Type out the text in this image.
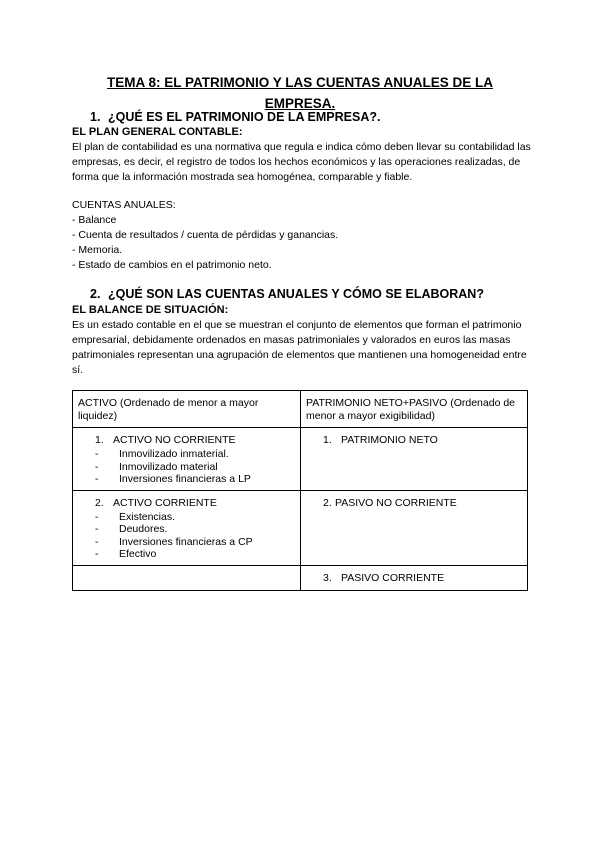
TEMA 8: EL PATRIMONIO Y LAS CUENTAS ANUALES DE LA EMPRESA.
1. ¿QUÉ ES EL PATRIMONIO DE LA EMPRESA?.
EL PLAN GENERAL CONTABLE:

El plan de contabilidad es una normativa que regula e indica cómo deben llevar su contabilidad las empresas, es decir, el registro de todos los hechos económicos y las operaciones realizadas, de forma que la información mostrada sea homogénea, comparable y fiable.

CUENTAS ANUALES:
- Balance
- Cuenta de resultados / cuenta de pérdidas y ganancias.
- Memoria.
- Estado de cambios en el patrimonio neto.
2. ¿QUÉ SON LAS CUENTAS ANUALES Y CÓMO SE ELABORAN?
EL BALANCE DE SITUACIÓN:

Es un estado contable en el que se muestran el conjunto de elementos que forman el patrimonio empresarial, debidamente ordenados en masas patrimoniales y valorados en euros las masas patrimoniales representan una agrupación de elementos que mantienen una homogeneidad entre sí.

ACTIVO (Ordenado de menor a mayor liquidez)	PATRIMONIO NETO+PASIVO (Ordenado de menor a mayor exigibilidad)

1. ACTIVO NO CORRIENTE
- Inmovilizado inmaterial.
- Inmovilizado material
- Inversiones financieras a LP	1. PATRIMONIO NETO

2. ACTIVO CORRIENTE
- Existencias.
- Deudores.
- Inversiones financieras a CP
- Efectivo	2. PASIVO NO CORRIENTE

	3. PASIVO CORRIENTE
